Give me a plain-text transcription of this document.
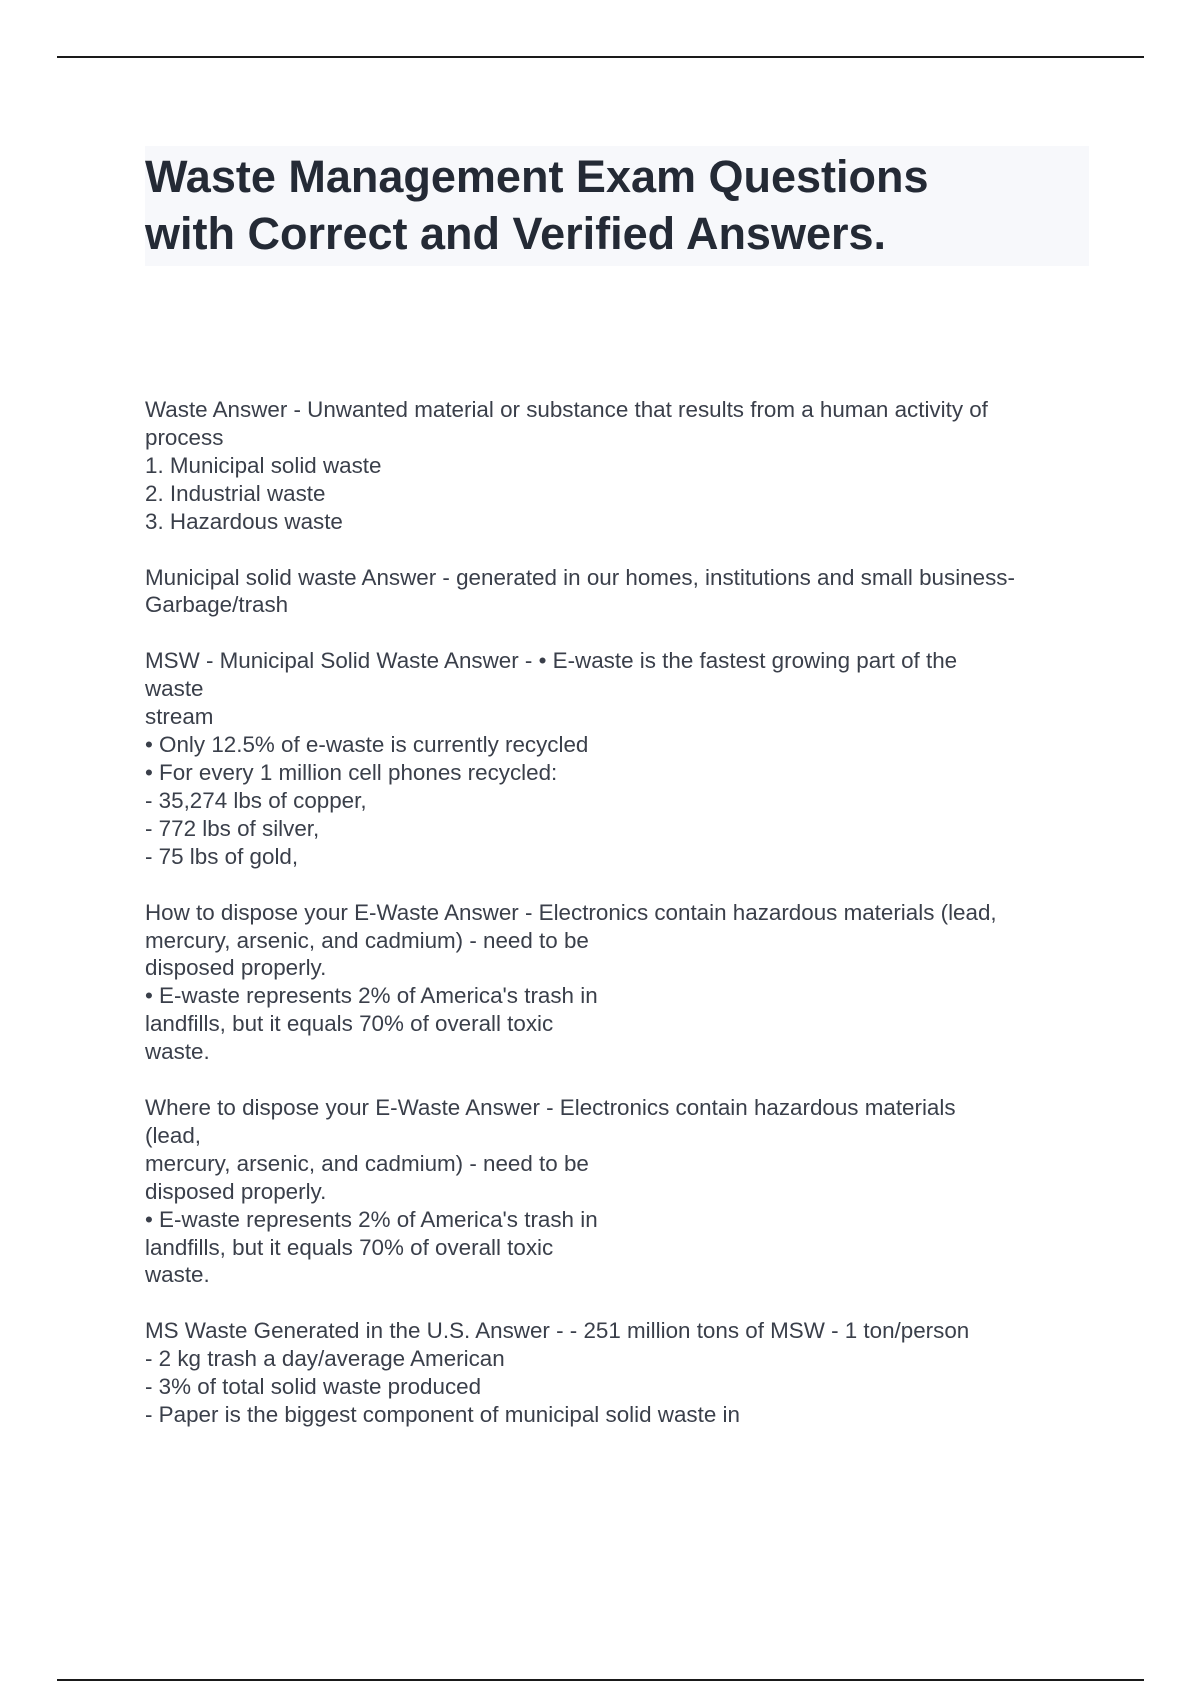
Waste Management Exam Questions
with Correct and Verified Answers.
Waste Answer - Unwanted material or substance that results from a human activity of
process
1. Municipal solid waste
2. Industrial waste
3. Hazardous waste
Municipal solid waste Answer - generated in our homes, institutions and small business-
Garbage/trash
MSW - Municipal Solid Waste Answer - • E-waste is the fastest growing part of the
waste
stream
• Only 12.5% of e-waste is currently recycled
• For every 1 million cell phones recycled:
- 35,274 lbs of copper,
- 772 lbs of silver,
- 75 lbs of gold,
How to dispose your E-Waste Answer - Electronics contain hazardous materials (lead,
mercury, arsenic, and cadmium) - need to be
disposed properly.
• E-waste represents 2% of America's trash in
landfills, but it equals 70% of overall toxic
waste.
Where to dispose your E-Waste Answer - Electronics contain hazardous materials
(lead,
mercury, arsenic, and cadmium) - need to be
disposed properly.
• E-waste represents 2% of America's trash in
landfills, but it equals 70% of overall toxic
waste.
MS Waste Generated in the U.S. Answer - - 251 million tons of MSW - 1 ton/person
- 2 kg trash a day/average American
- 3% of total solid waste produced
- Paper is the biggest component of municipal solid waste in
